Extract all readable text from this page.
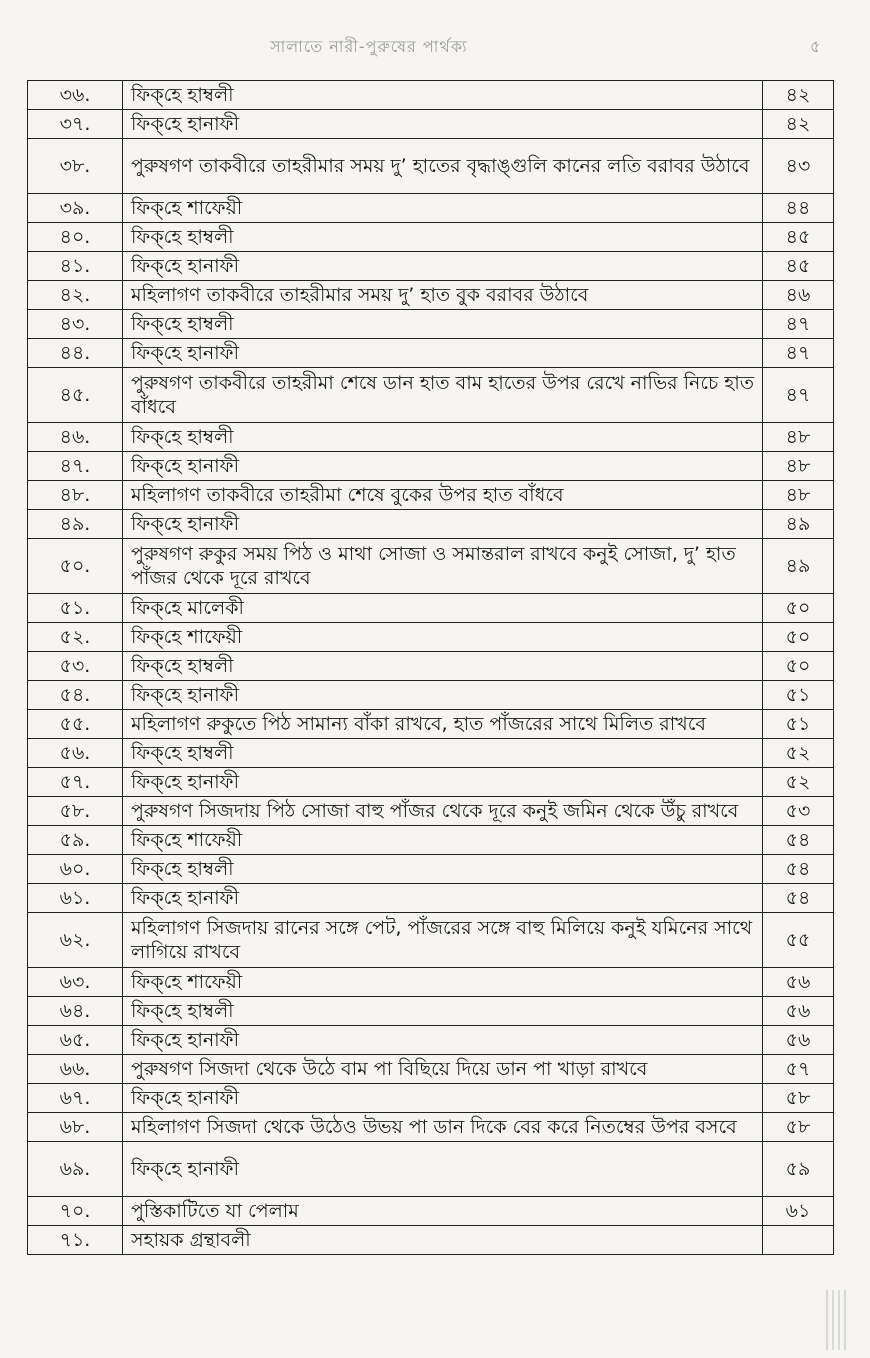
সালাতে নারী-পুরুষের পার্থক্য	৫
৩৬.	ফিক্‌হে হাম্বলী	৪২
৩৭.	ফিক্‌হে হানাফী	৪২
৩৮.	পুরুষগণ তাকবীরে তাহরীমার সময় দু’ হাতের বৃদ্ধাঙ্গুলি কানের লতি বরাবর উঠাবে	৪৩
৩৯.	ফিক্‌হে শাফেয়ী	৪৪
৪০.	ফিক্‌হে হাম্বলী	৪৫
৪১.	ফিক্‌হে হানাফী	৪৫
৪২.	মহিলাগণ তাকবীরে তাহরীমার সময় দু’ হাত বুক বরাবর উঠাবে	৪৬
৪৩.	ফিক্‌হে হাম্বলী	৪৭
৪৪.	ফিক্‌হে হানাফী	৪৭
৪৫.	পুরুষগণ তাকবীরে তাহরীমা শেষে ডান হাত বাম হাতের উপর রেখে নাভির নিচে হাত বাঁধবে	৪৭
৪৬.	ফিক্‌হে হাম্বলী	৪৮
৪৭.	ফিক্‌হে হানাফী	৪৮
৪৮.	মহিলাগণ তাকবীরে তাহরীমা শেষে বুকের উপর হাত বাঁধবে	৪৮
৪৯.	ফিক্‌হে হানাফী	৪৯
৫০.	পুরুষগণ রুকুর সময় পিঠ ও মাথা সোজা ও সমান্তরাল রাখবে কনুই সোজা, দু’ হাত পাঁজর থেকে দূরে রাখবে	৪৯
৫১.	ফিক্‌হে মালেকী	৫০
৫২.	ফিক্‌হে শাফেয়ী	৫০
৫৩.	ফিক্‌হে হাম্বলী	৫০
৫৪.	ফিক্‌হে হানাফী	৫১
৫৫.	মহিলাগণ রুকুতে পিঠ সামান্য বাঁকা রাখবে, হাত পাঁজরের সাথে মিলিত রাখবে	৫১
৫৬.	ফিক্‌হে হাম্বলী	৫২
৫৭.	ফিক্‌হে হানাফী	৫২
৫৮.	পুরুষগণ সিজদায় পিঠ সোজা বাহু পাঁজর থেকে দূরে কনুই জমিন থেকে উঁচু রাখবে	৫৩
৫৯.	ফিক্‌হে শাফেয়ী	৫৪
৬০.	ফিক্‌হে হাম্বলী	৫৪
৬১.	ফিক্‌হে হানাফী	৫৪
৬২.	মহিলাগণ সিজদায় রানের সঙ্গে পেট, পাঁজরের সঙ্গে বাহু মিলিয়ে কনুই যমিনের সাথে লাগিয়ে রাখবে	৫৫
৬৩.	ফিক্‌হে শাফেয়ী	৫৬
৬৪.	ফিক্‌হে হাম্বলী	৫৬
৬৫.	ফিক্‌হে হানাফী	৫৬
৬৬.	পুরুষগণ সিজদা থেকে উঠে বাম পা বিছিয়ে দিয়ে ডান পা খাড়া রাখবে	৫৭
৬৭.	ফিক্‌হে হানাফী	৫৮
৬৮.	মহিলাগণ সিজদা থেকে উঠেও উভয় পা ডান দিকে বের করে নিতম্বের উপর বসবে	৫৮
৬৯.	ফিক্‌হে হানাফী	৫৯
৭০.	পুস্তিকাটিতে যা পেলাম	৬১
৭১.	সহায়ক গ্রন্থাবলী	
